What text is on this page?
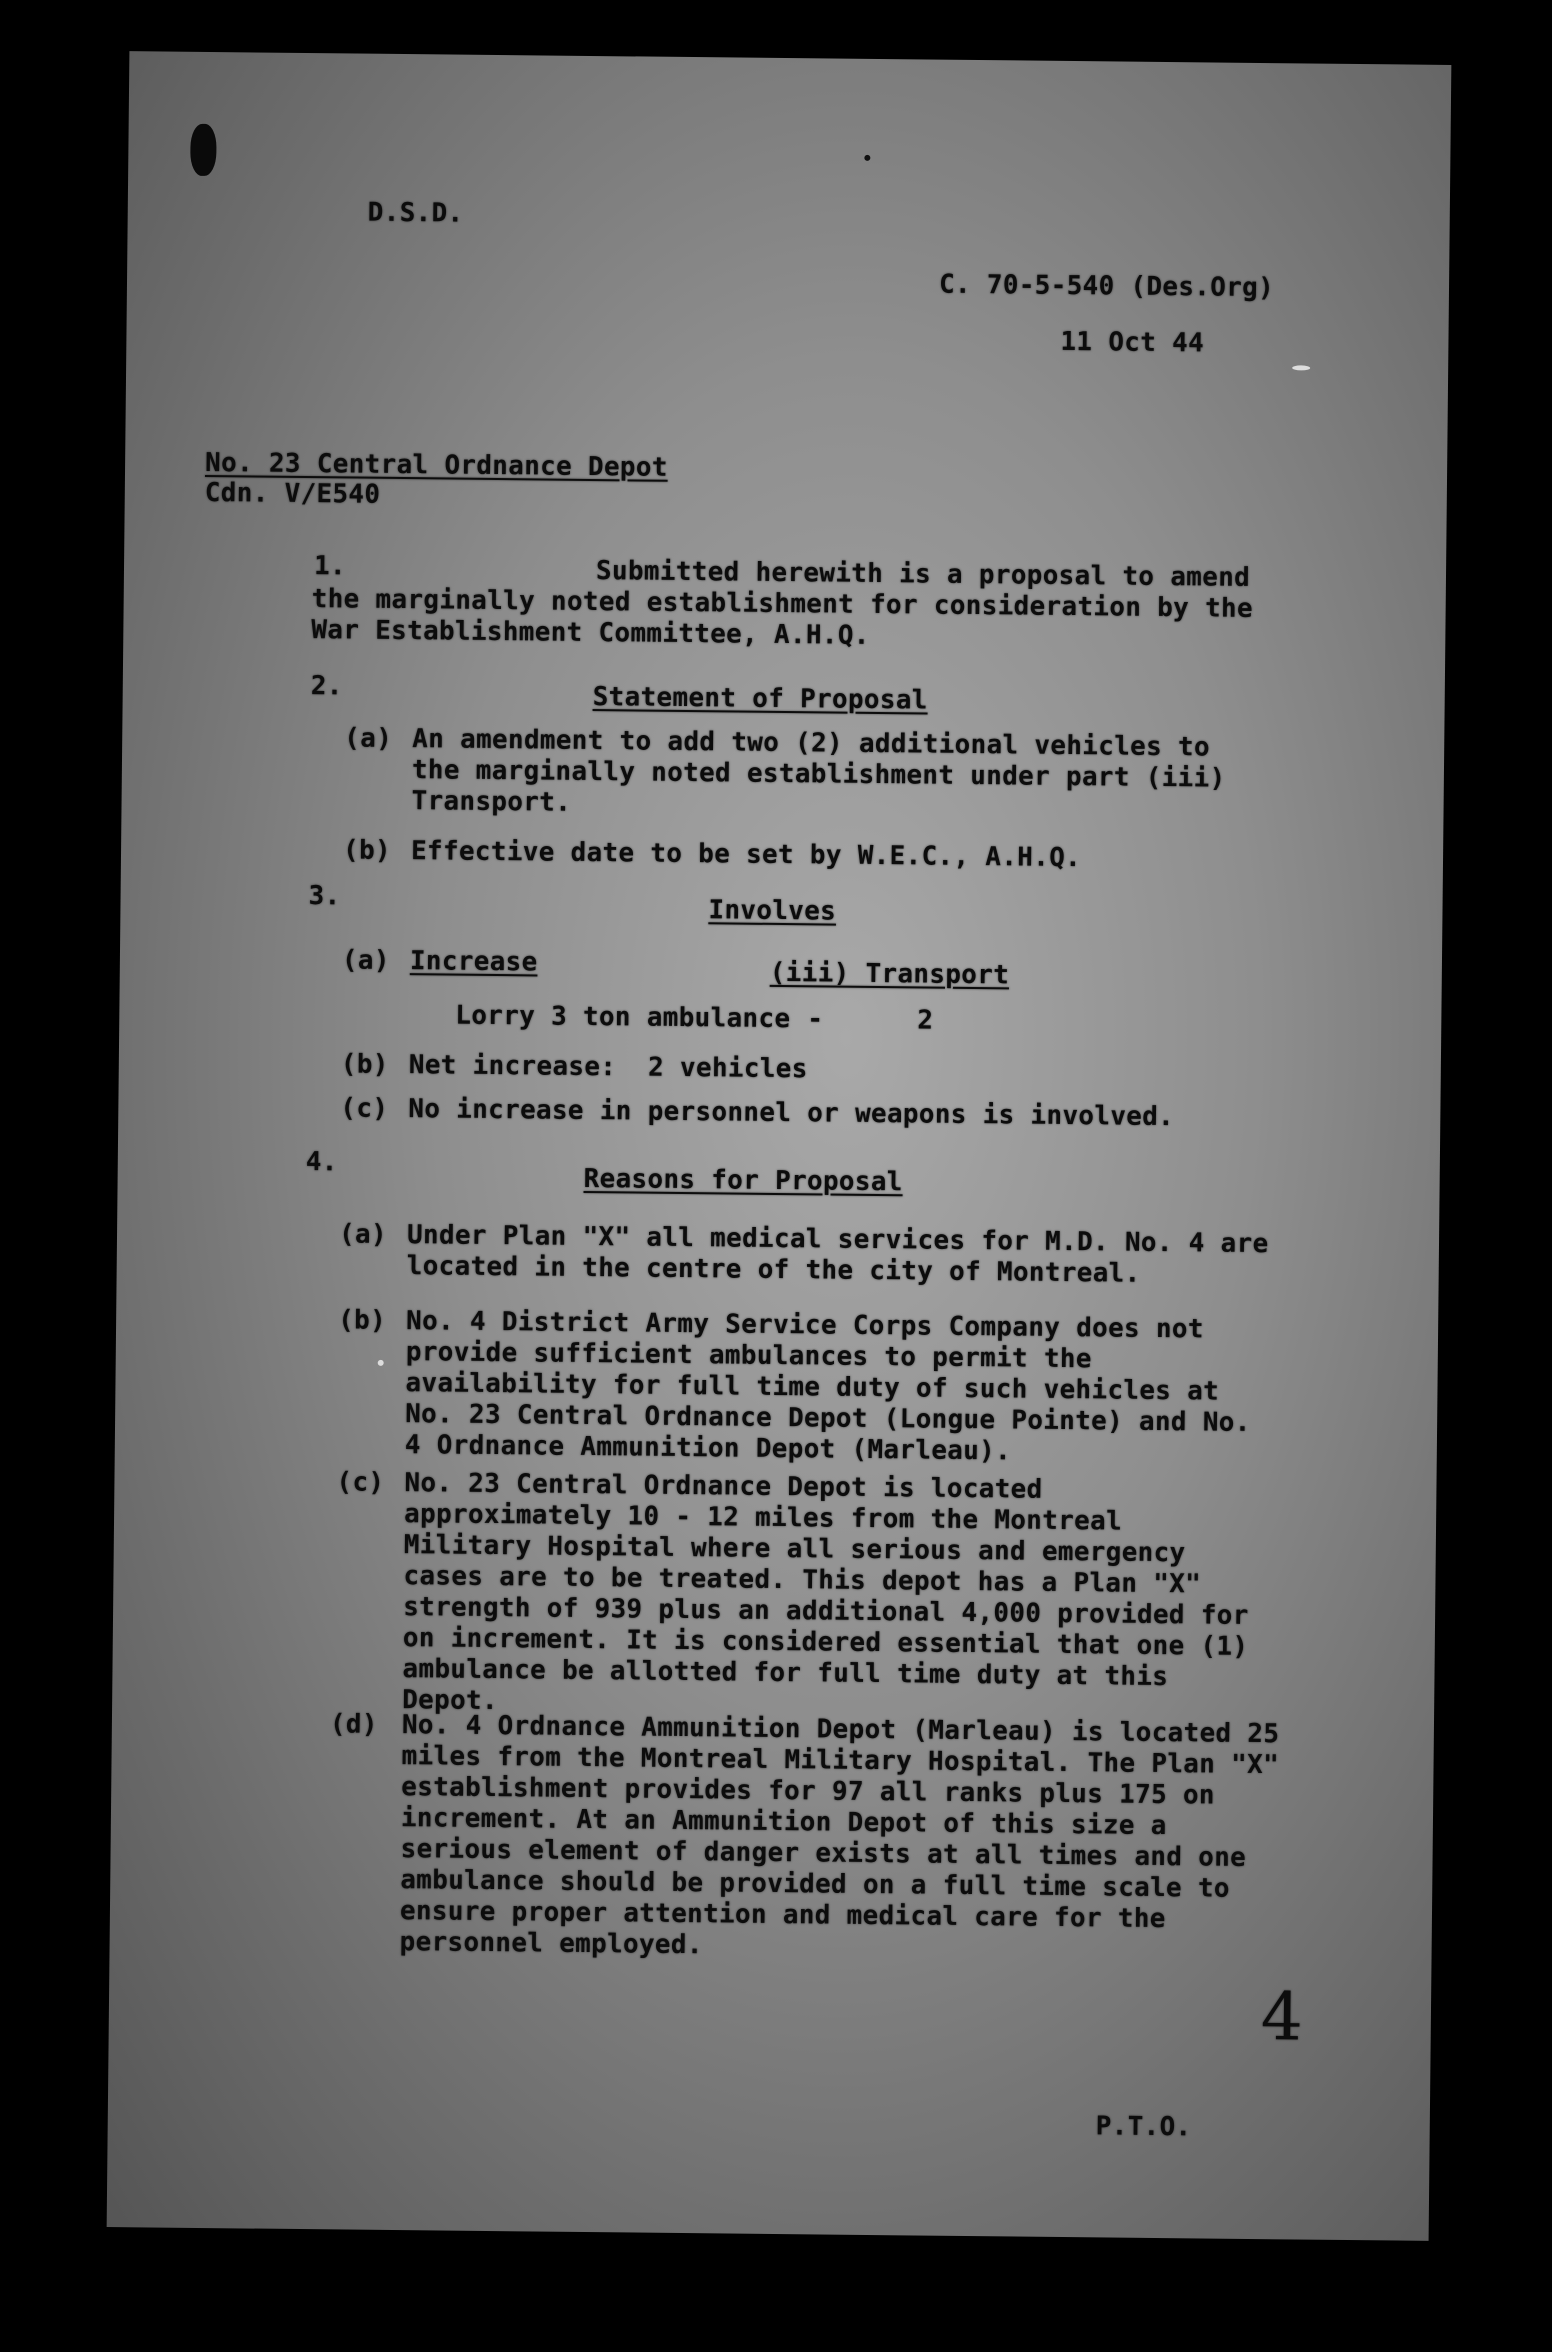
D.S.D.
C. 70-5-540 (Des.Org)
11 Oct 44
No. 23 Central Ordnance Depot
Cdn. V/E540
1.	Submitted herewith is a proposal to amend the marginally noted establishment for consideration by the War Establishment Committee, A.H.Q.
2.	Statement of Proposal
(a) An amendment to add two (2) additional vehicles to the marginally noted establishment under part (iii) Transport.
(b) Effective date to be set by W.E.C., A.H.Q.
3.	Involves
(a) Increase	(iii) Transport
Lorry 3 ton ambulance -	2
(b) Net increase:  2 vehicles
(c) No increase in personnel or weapons is involved.
4.
Reasons for Proposal
(a) Under Plan "X" all medical services for M.D. No. 4 are located in the centre of the city of Montreal.
(b) No. 4 District Army Service Corps Company does not provide sufficient ambulances to permit the availability for full time duty of such vehicles at No. 23 Central Ordnance Depot (Longue Pointe) and No. 4 Ordnance Ammunition Depot (Marleau).
(c) No. 23 Central Ordnance Depot is located approximately 10 - 12 miles from the Montreal Military Hospital where all serious and emergency cases are to be treated. This depot has a Plan "X" strength of 939 plus an additional 4,000 provided for on increment. It is considered essential that one (1) ambulance be allotted for full time duty at this Depot.
(d) No. 4 Ordnance Ammunition Depot (Marleau) is located 25 miles from the Montreal Military Hospital. The Plan "X" establishment provides for 97 all ranks plus 175 on increment. At an Ammunition Depot of this size a serious element of danger exists at all times and one ambulance should be provided on a full time scale to ensure proper attention and medical care for the personnel employed.
4
P.T.O.
